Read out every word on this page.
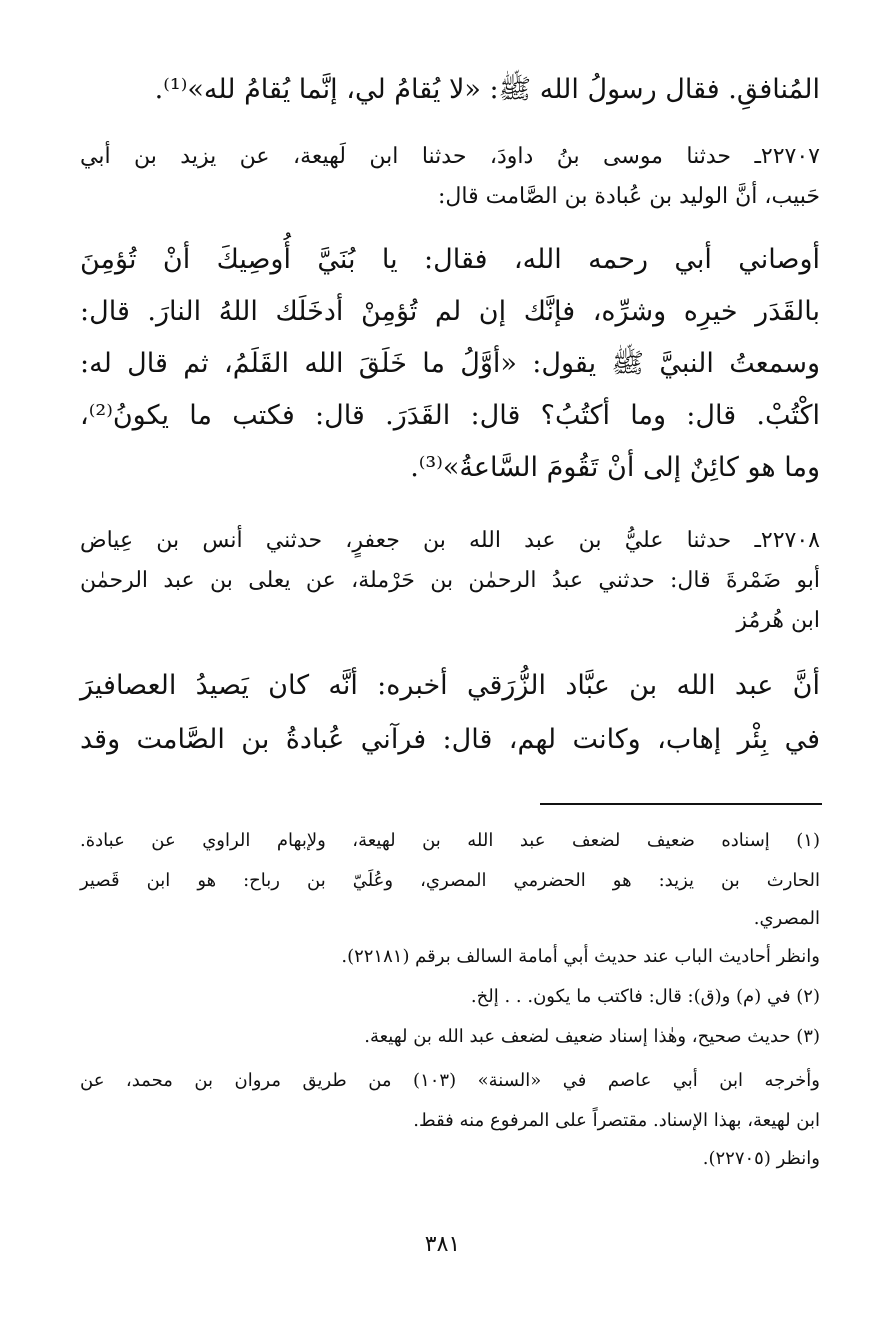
المُنافقِ. فقال رسولُ الله ﷺ: «لا يُقامُ لي، إنَّما يُقامُ لله»⁽¹⁾.
٢٢٧٠٧ـ حدثنا موسى بنُ داودَ، حدثنا ابن لَهيعة، عن يزيد بن أبي
حَبيب، أنَّ الوليد بن عُبادة بن الصَّامت قال:
أوصاني أبي رحمه الله، فقال: يا بُنَيَّ أُوصِيكَ أنْ تُؤمِنَ
بالقَدَر خيرِه وشرِّه، فإنَّك إن لم تُؤمِنْ أدخَلَك اللهُ النارَ. قال:
وسمعتُ النبيَّ ﷺ يقول: «أوَّلُ ما خَلَقَ الله القَلَمُ، ثم قال له:
اكْتُبْ. قال: وما أكتُبُ؟ قال: القَدَرَ. قال: فكتب ما يكونُ⁽²⁾،
وما هو كائِنٌ إلى أنْ تَقُومَ السَّاعةُ»⁽³⁾.
٢٢٧٠٨ـ حدثنا عليُّ بن عبد الله بن جعفرٍ، حدثني أنس بن عِياض
أبو ضَمْرةَ قال: حدثني عبدُ الرحمٰن بن حَرْملة، عن يعلى بن عبد الرحمٰن
ابن هُرمُز
أنَّ عبد الله بن عبَّاد الزُّرَقي أخبره: أنَّه كان يَصيدُ العصافيرَ
في بِئْر إهاب، وكانت لهم، قال: فرآني عُبادةُ بن الصَّامت وقد
(١) إسناده ضعيف لضعف عبد الله بن لهيعة، ولإبهام الراوي عن عبادة.
الحارث بن يزيد: هو الحضرمي المصري، وعُلَيّ بن رباح: هو ابن قَصير
المصري.
وانظر أحاديث الباب عند حديث أبي أمامة السالف برقم (٢٢١٨١).
(٢) في (م) و(ق): قال: فاكتب ما يكون. . . إلخ.
(٣) حديث صحيح، وهٰذا إسناد ضعيف لضعف عبد الله بن لهيعة.
وأخرجه ابن أبي عاصم في «السنة» (١٠٣) من طريق مروان بن محمد، عن
ابن لهيعة، بهذا الإسناد. مقتصراً على المرفوع منه فقط.
وانظر (٢٢٧٠٥).
٣٨١
